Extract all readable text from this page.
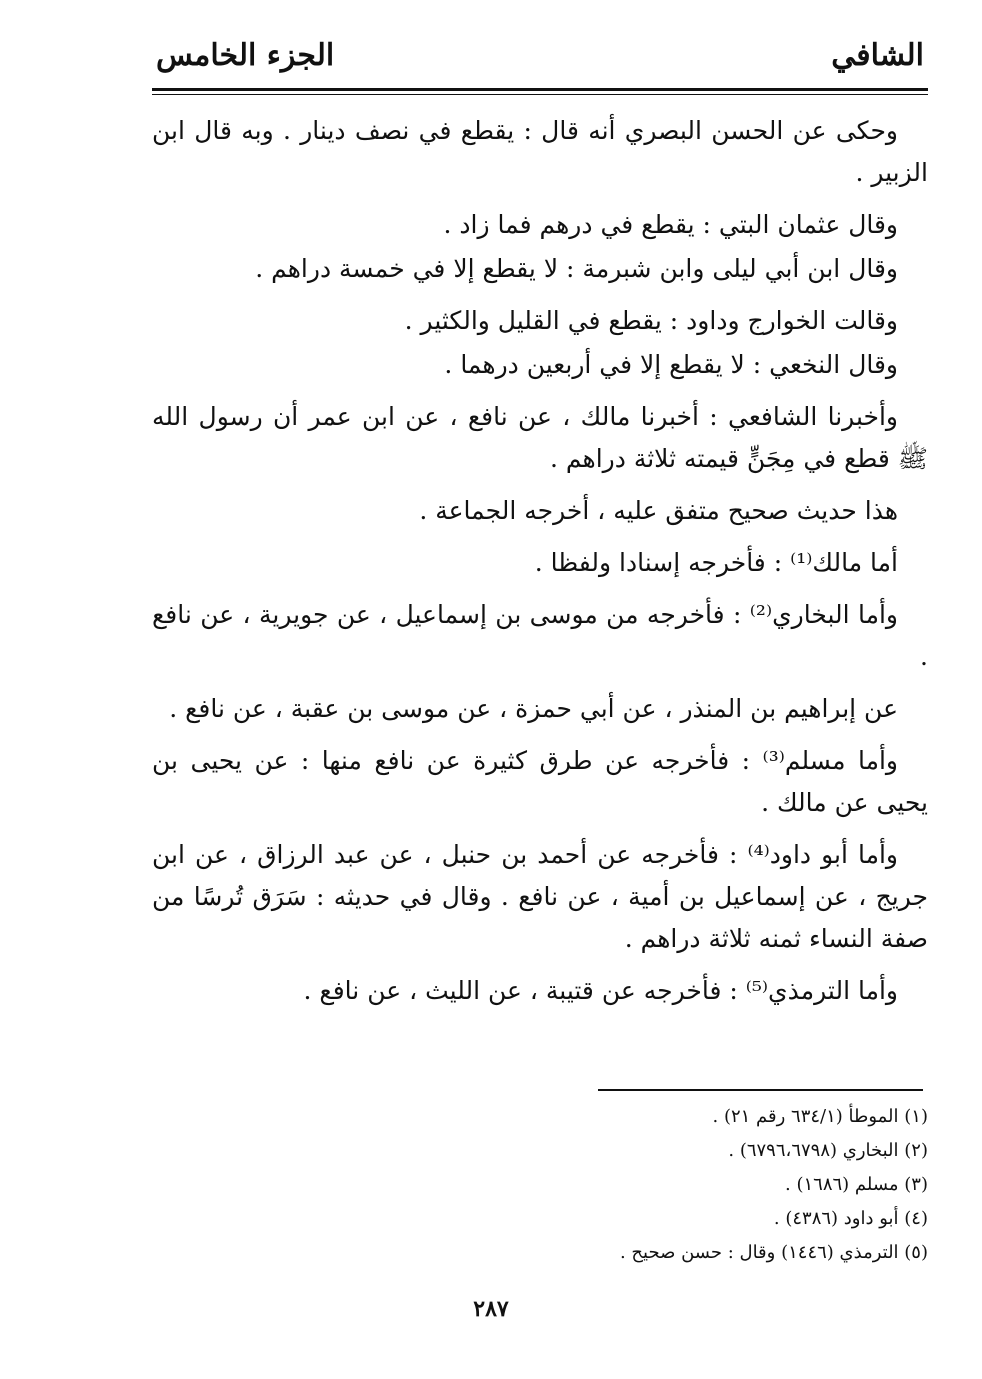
الشافي
الجزء الخامس

وحكى عن الحسن البصري أنه قال : يقطع في نصف دينار . وبه قال ابن الزبير .

وقال عثمان البتي : يقطع في درهم فما زاد .

وقال ابن أبي ليلى وابن شبرمة : لا يقطع إلا في خمسة دراهم .

وقالت الخوارج وداود : يقطع في القليل والكثير .

وقال النخعي : لا يقطع إلا في أربعين درهما .

وأخبرنا الشافعي : أخبرنا مالك ، عن نافع ، عن ابن عمر أن رسول الله ﷺ قطع في مِجَنٍّ قيمته ثلاثة دراهم .

هذا حديث صحيح متفق عليه ، أخرجه الجماعة .

أما مالك⁽¹⁾ : فأخرجه إسنادا ولفظا .

وأما البخاري⁽²⁾ : فأخرجه من موسى بن إسماعيل ، عن جويرية ، عن نافع .

عن إبراهيم بن المنذر ، عن أبي حمزة ، عن موسى بن عقبة ، عن نافع .

وأما مسلم⁽³⁾ : فأخرجه عن طرق كثيرة عن نافع منها : عن يحيى بن يحيى عن مالك .

وأما أبو داود⁽⁴⁾ : فأخرجه عن أحمد بن حنبل ، عن عبد الرزاق ، عن ابن جريج ، عن إسماعيل بن أمية ، عن نافع . وقال في حديثه : سَرَق تُرسًا من صفة النساء ثمنه ثلاثة دراهم .

وأما الترمذي⁽⁵⁾ : فأخرجه عن قتيبة ، عن الليث ، عن نافع .

(١) الموطأ (٦٣٤/١ رقم ٢١) .
(٢) البخاري (٦٧٩٦،٦٧٩٨) .
(٣) مسلم (١٦٨٦) .
(٤) أبو داود (٤٣٨٦) .
(٥) الترمذي (١٤٤٦) وقال : حسن صحيح .
٢٨٧
